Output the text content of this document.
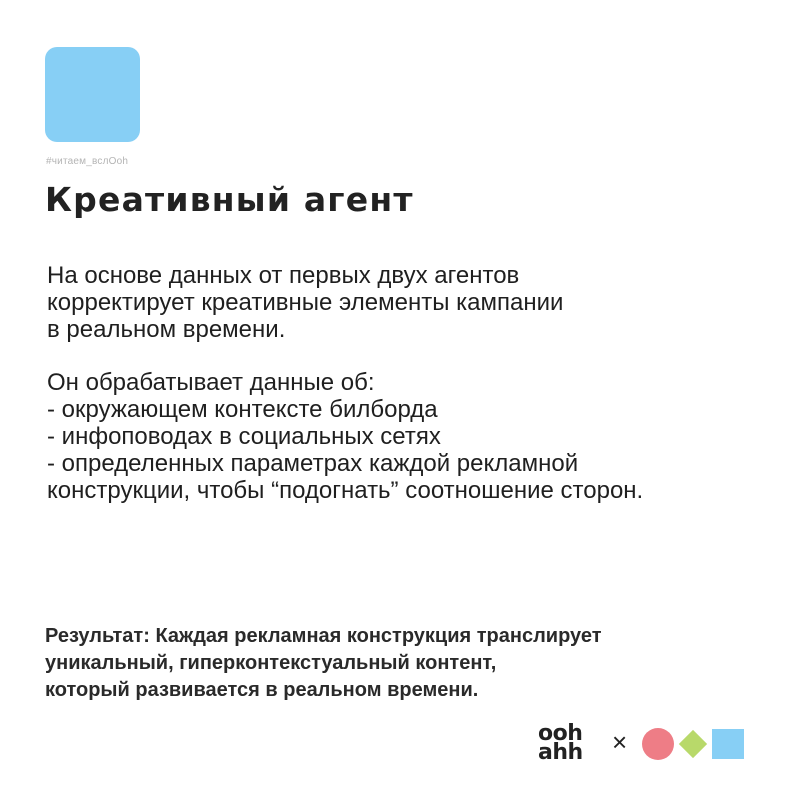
#читаем_вслOoh
Креативный агент

На основе данных от первых двух агентов

корректирует креативные элементы кампании

в реальном времени.

Он обрабатывает данные об:
- окружающем контексте билборда
- инфоповодах в социальных сетях
- определенных параметрах каждой рекламной
конструкции, чтобы “подогнать” соотношение сторон.
Результат: Каждая рекламная конструкция транслирует
уникальный, гиперконтекстуальный контент,
который развивается в реальном времени.
ooh
ahh ×
